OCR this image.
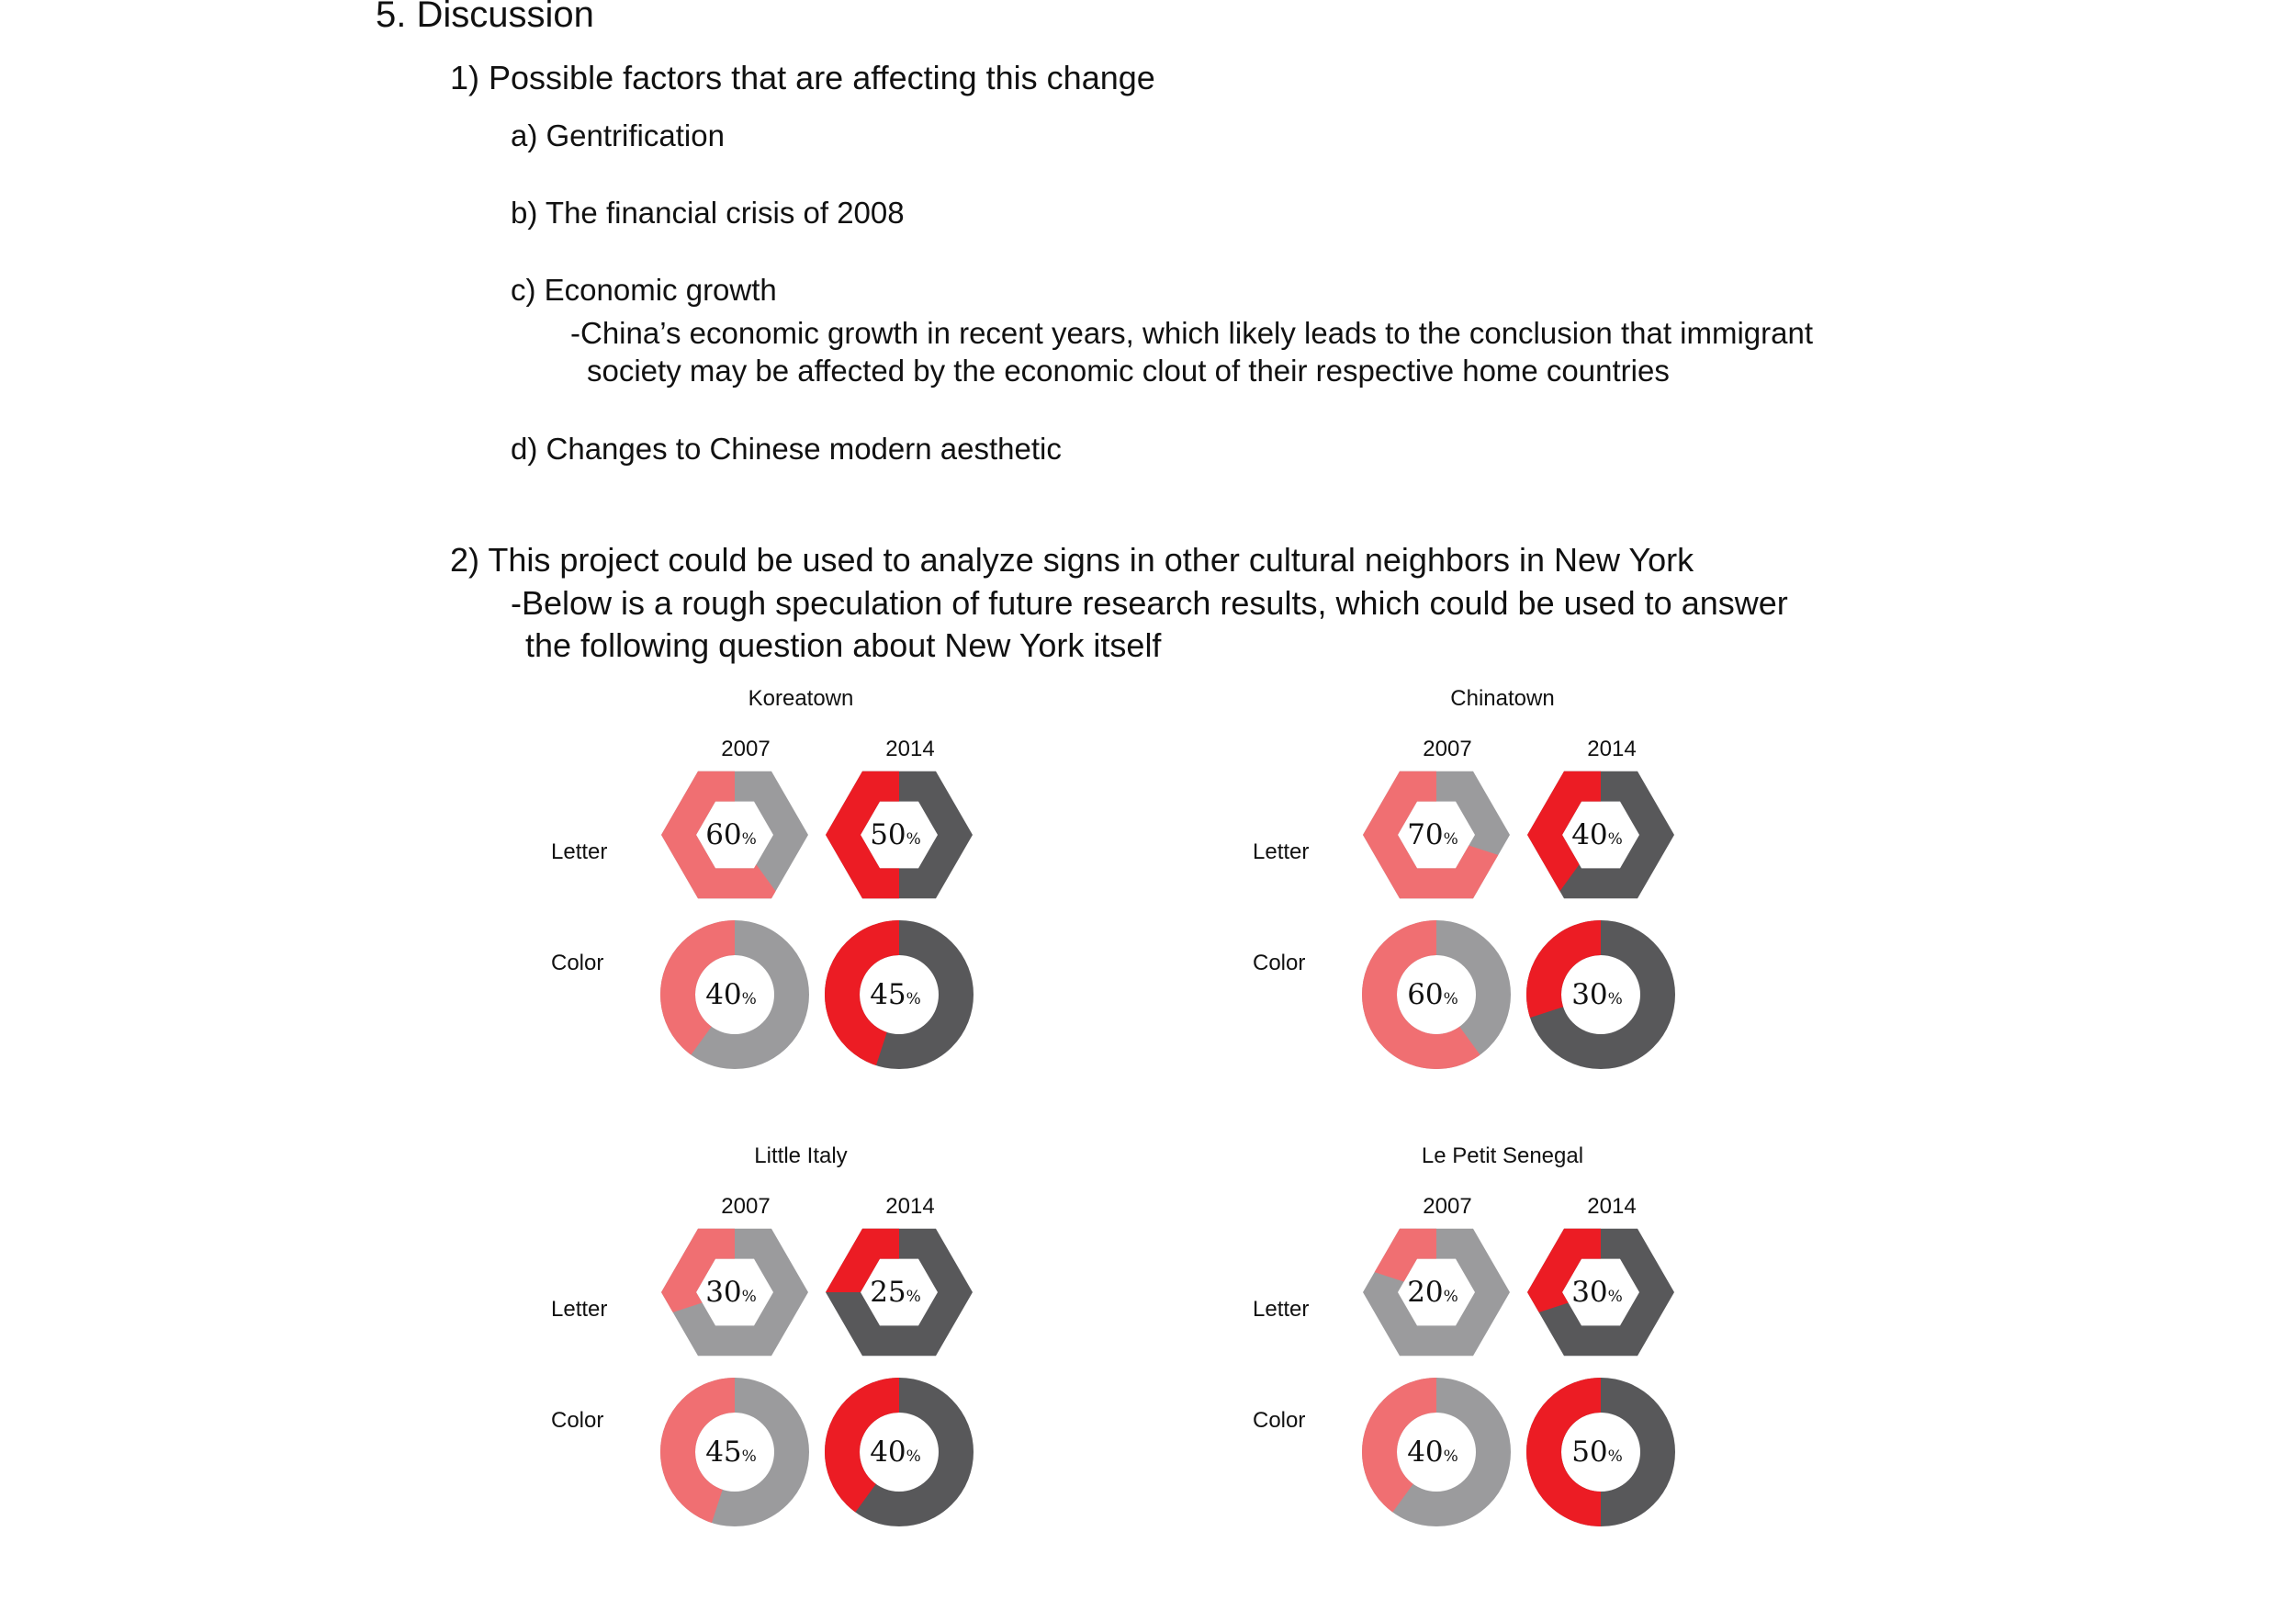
5. Discussion

1) Possible factors that are affecting this change

a) Gentrification

b) The financial crisis of 2008

c) Economic growth

-China’s economic growth in recent years, which likely leads to the conclusion that immigrant

society may be affected by the economic clout of their respective home countries

d) Changes to Chinese modern aesthetic

2) This project could be used to analyze signs in other cultural neighbors in New York

-Below is a rough speculation of future research results, which could be used to answer

the following question about New York itself

Koreatown
2007	2014
Letter
60%	50%
Color
40%	45%
Chinatown
2007	2014
Letter
70%	40%
Color
60%	30%
Little Italy
2007	2014
Letter
30%	25%
Color
45%	40%
Le Petit Senegal
2007	2014
Letter
20%	30%
Color
40%	50%
